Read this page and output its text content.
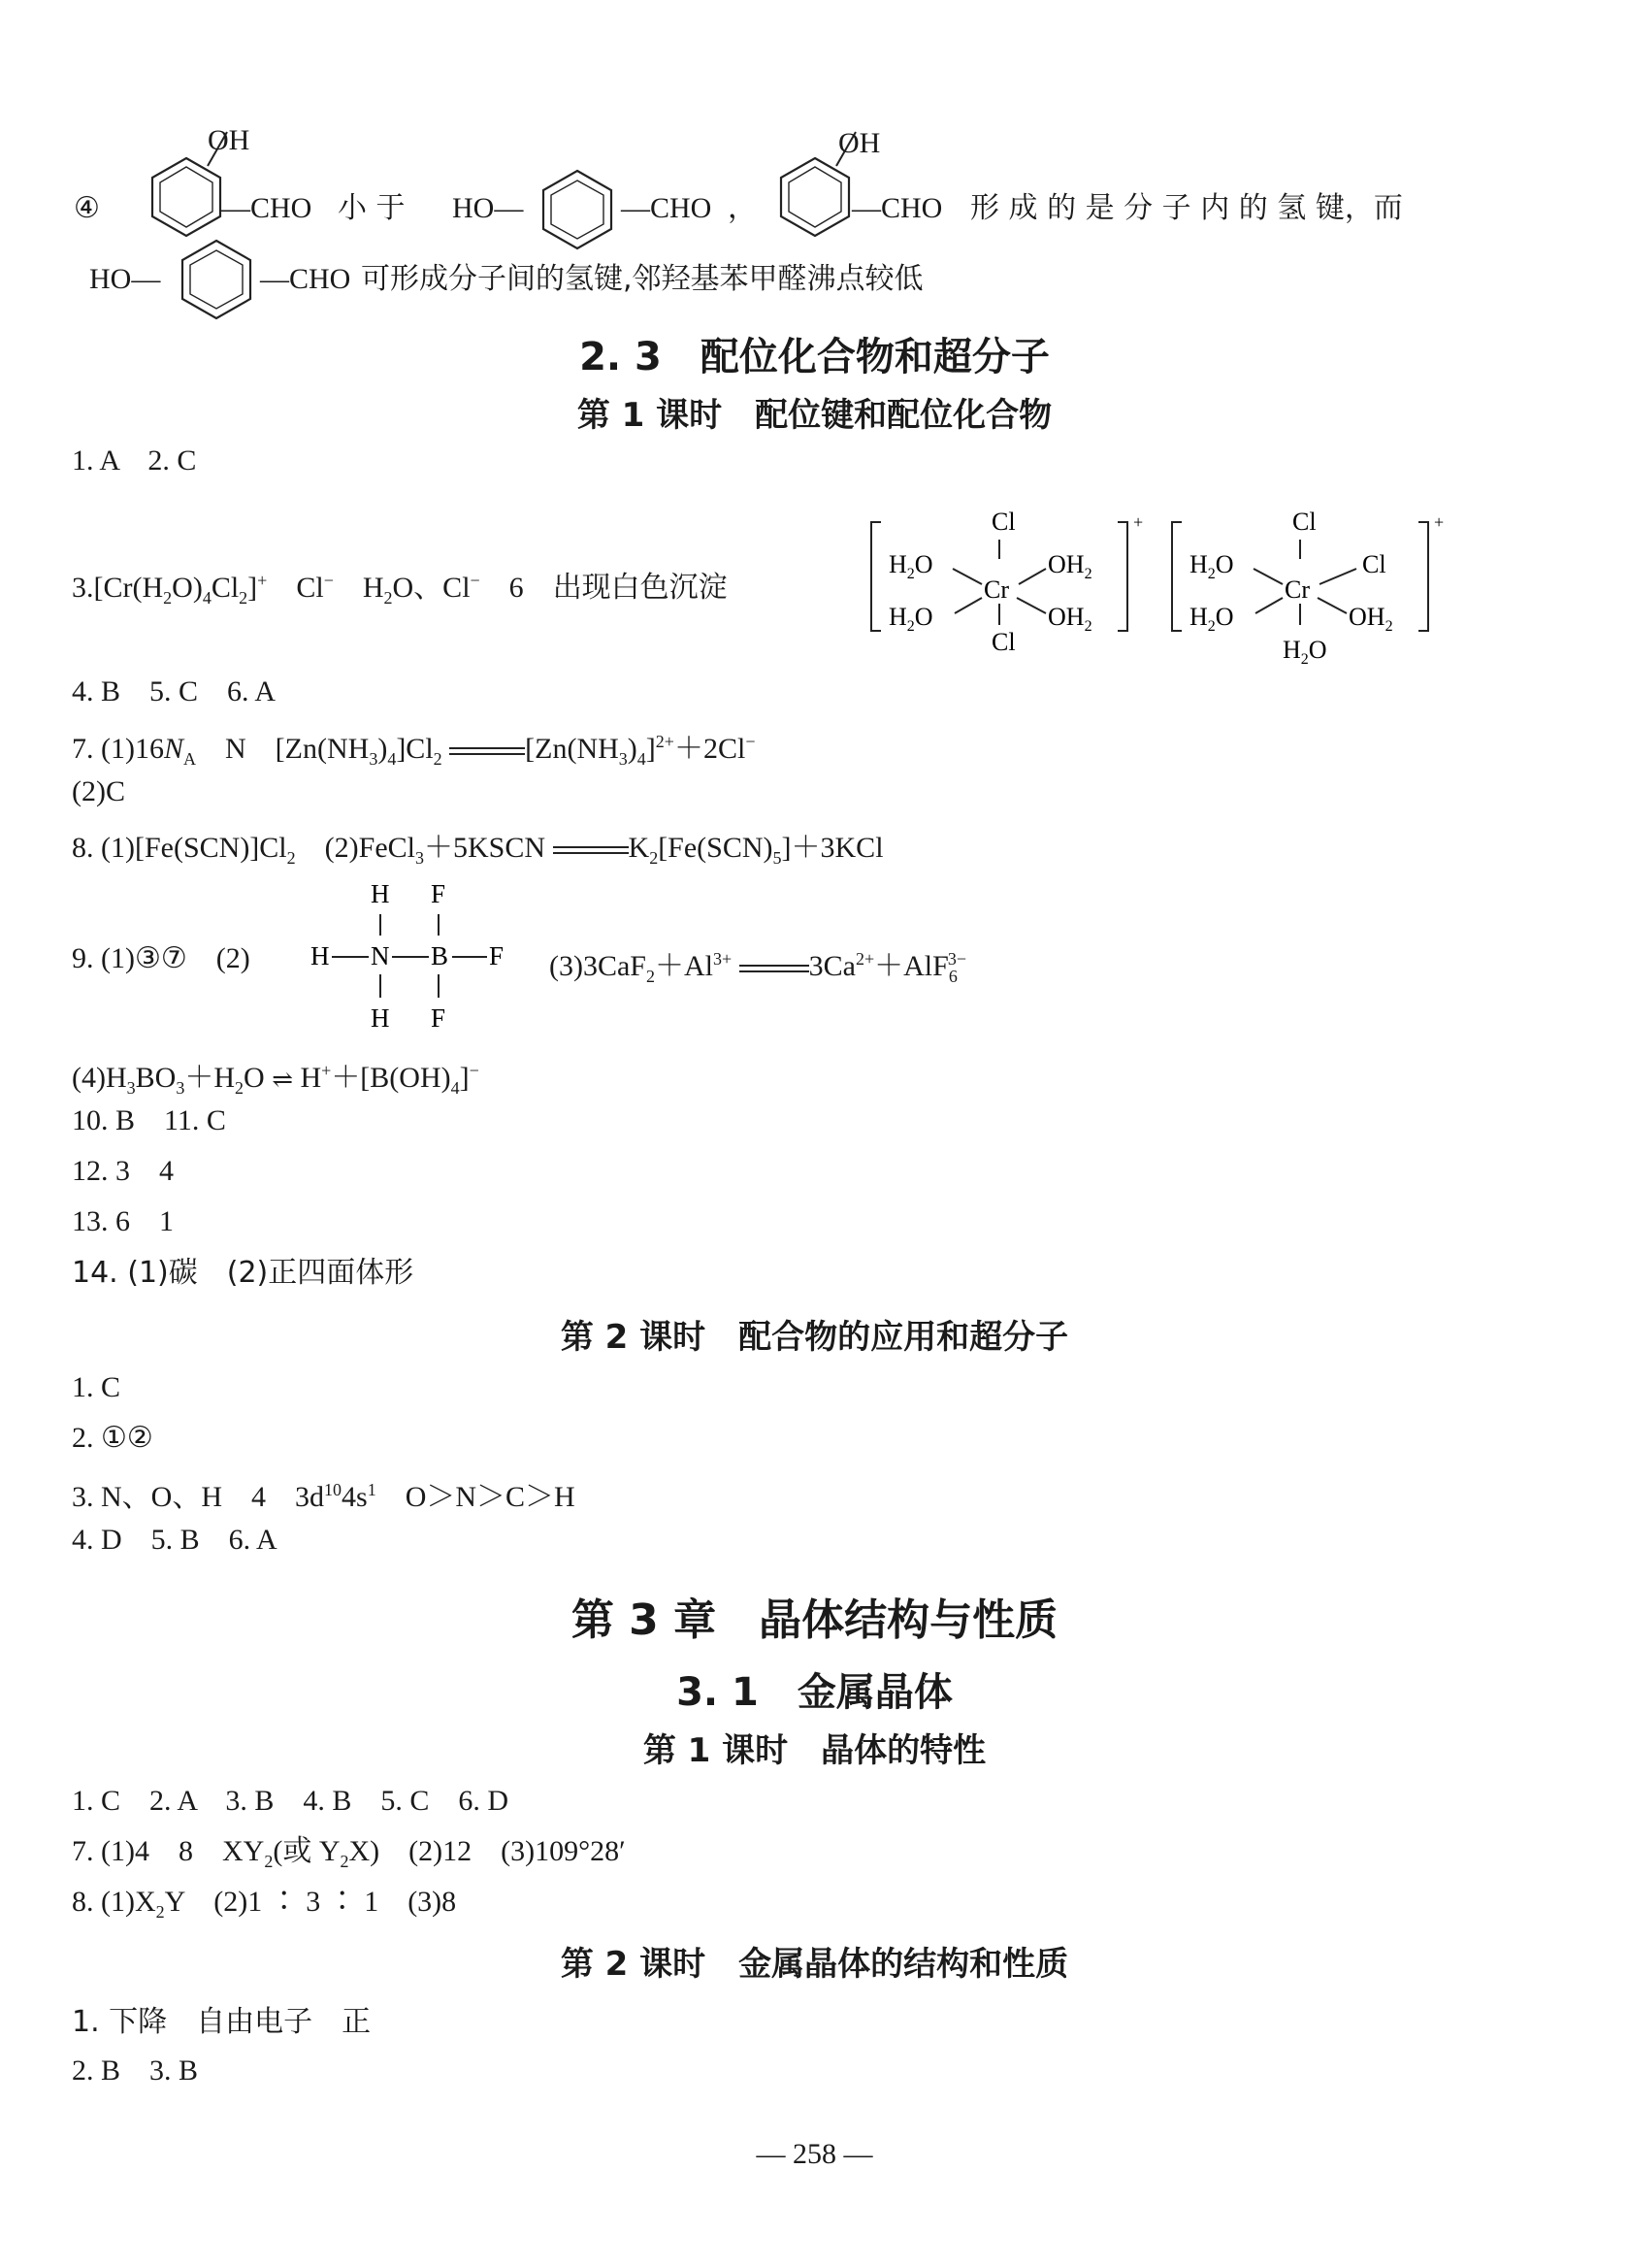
④
OH
—CHO 小 于 HO—	—CHO ，
OH
—CHO 形 成 的 是 分 子 内 的 氢 键，而
HO—	—CHO 可形成分子间的氢键,邻羟基苯甲醛沸点较低
2. 3　配位化合物和超分子
第 1 课时　配位键和配位化合物
1. A　2. C
$3.[Cr(H_2O)_4Cl_2]^+$　Cl−　$H_2O$、Cl−　6　出现白色沉淀
Cl
$H_2O$	$OH_2$
Cr
$H_2O$	$OH_2$
Cl
+	Cl
$H_2O$	Cl
Cr
$H_2O$	$OH_2$
$H_2O$
+
4. B　5. C　6. A
7. $(1)16N_A$　 N　$[Zn(NH_3)_4]Cl_2$	$[Zn(NH_3)_4]^{2+}+2Cl^-$
(2)C
8. $(1)[Fe(SCN)]Cl_2$　(2)FeCl$_3$＋5KSCN	$K_2[Fe(SCN)_5]+3KCl$
9. (1)③⑦　(2)
H F
H N B F
H F
$(3)3CaF_2+Al^{3+}$	$3Ca^{2+}+AlF_6^{3-}$
$(4)H_3BO_3+H_2O$ ⇌ $H^++[B(OH)_4]^-$
10. B　11. C
12. 3　4
13. 6　1
14. (1)碳　(2)正四面体形
第 2 课时　配合物的应用和超分子
1. C
2. ①②
3. N、O、H　4　$3d^{10}4s^1$　 O＞N＞C＞H
4. D　5. B　6. A
第 3 章　晶体结构与性质
3. 1　金属晶体
第 1 课时　晶体的特性
1. C　2. A　3. B　4. B　5. C　6. D
7. (1)4　8　$XY_2$(或 $Y_2X$)　(2)12　(3)109°28′
8. $(1)X_2Y$　(2)1 ∶ 3 ∶ 1　(3)8
第 2 课时　金属晶体的结构和性质
1. 下降　自由电子　正
2. B　3. B
— 258 —
